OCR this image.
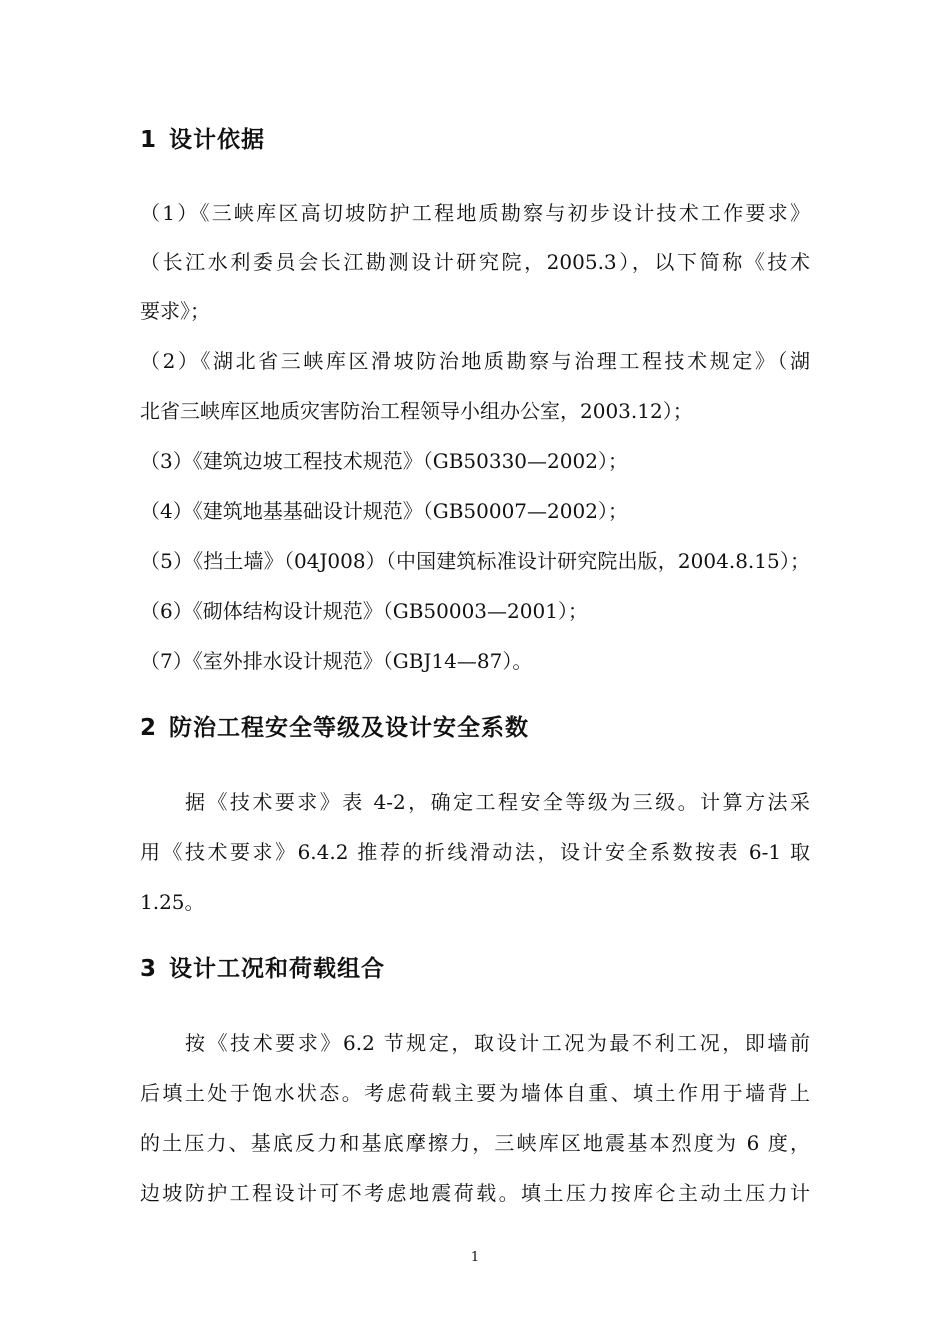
1 设计依据
（1）《三峡库区高切坡防护工程地质勘察与初步设计技术工作要求》
（长江水利委员会长江勘测设计研究院，2005.3），以下简称《技术
要求》；
（2）《湖北省三峡库区滑坡防治地质勘察与治理工程技术规定》（湖
北省三峡库区地质灾害防治工程领导小组办公室，2003.12）；
（3）《建筑边坡工程技术规范》（GB50330—2002）；
（4）《建筑地基基础设计规范》（GB50007—2002）；
（5）《挡土墙》（04J008）（中国建筑标准设计研究院出版，2004.8.15）；
（6）《砌体结构设计规范》（GB50003—2001）；
（7）《室外排水设计规范》（GBJ14—87）。
2 防治工程安全等级及设计安全系数
据《技术要求》表 4-2，确定工程安全等级为三级。计算方法采
用《技术要求》6.4.2 推荐的折线滑动法，设计安全系数按表 6-1 取
1.25。
3 设计工况和荷载组合
按《技术要求》6.2 节规定，取设计工况为最不利工况，即墙前
后填土处于饱水状态。考虑荷载主要为墙体自重、填土作用于墙背上
的土压力、基底反力和基底摩擦力，三峡库区地震基本烈度为 6 度，
边坡防护工程设计可不考虑地震荷载。填土压力按库仑主动土压力计
1
